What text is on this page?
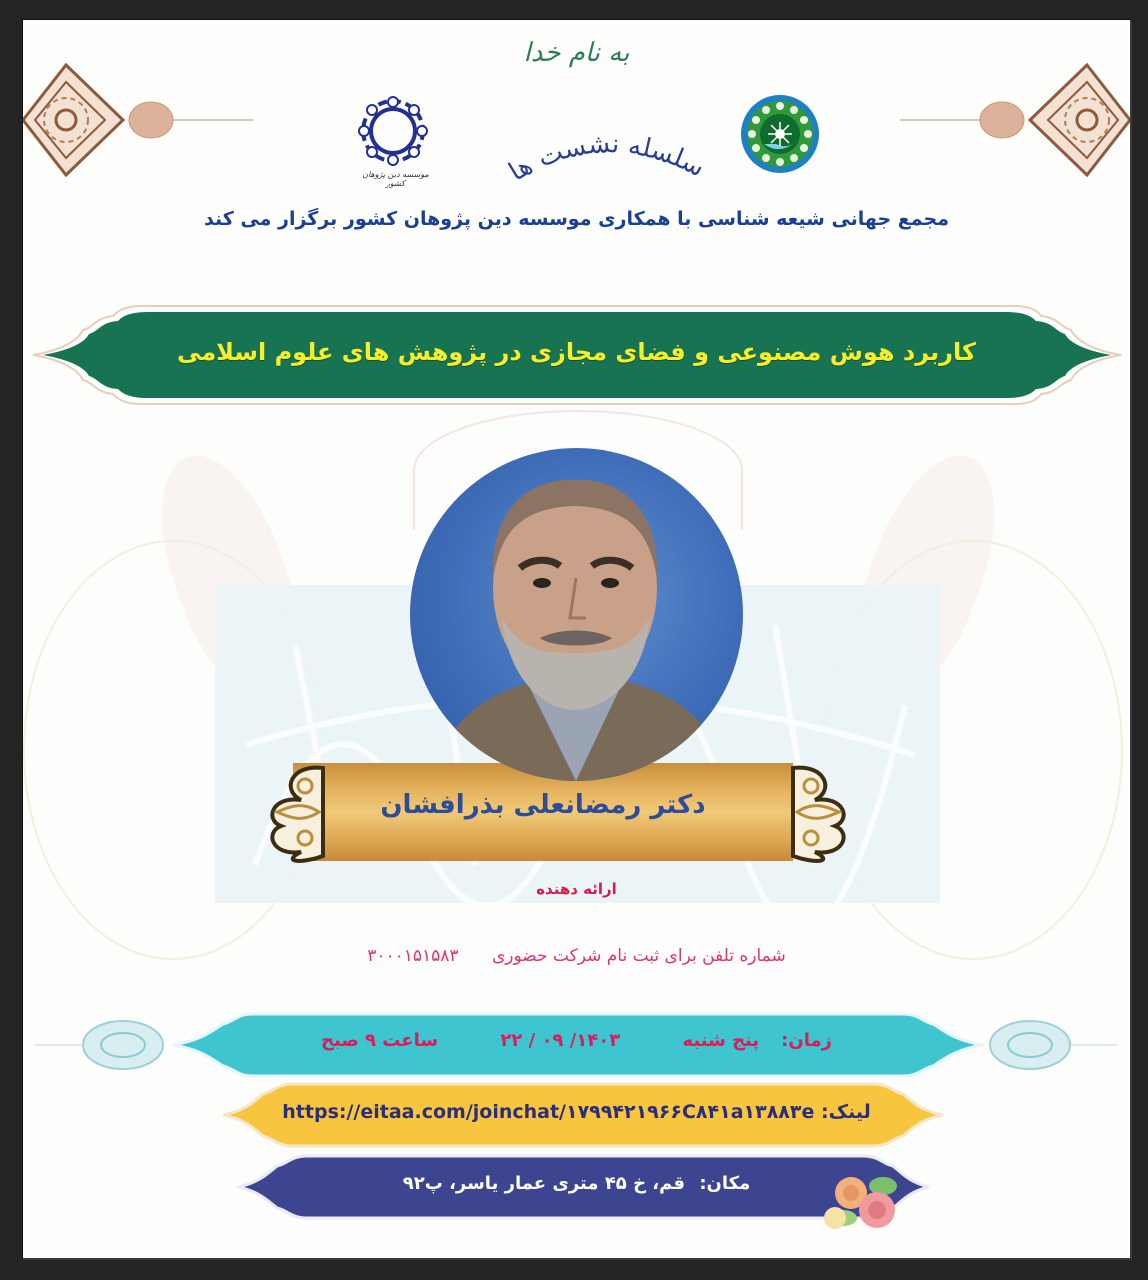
به نام خدا
موسسه دین پژوهان کشور	سلسله نشست ها
مجمع جهانی شیعه شناسی با همکاری موسسه دین پژوهان کشور برگزار می کند
کاربرد هوش مصنوعی و فضای مجازی در پژوهش های علوم اسلامی
دکتر رمضانعلی بذرافشان
ارائه دهنده
شماره تلفن برای ثبت نام شرکت حضوری ۳۰۰۰۱۵۱۵۸۳
زمان:پنج شنبه ۱۴۰۳/ ۰۹ / ۲۲ ساعت ۹ صبح
لینک: https://eitaa.com/joinchat/۱۷۹۹۴۲۱۹۶۶C۸۴۱a۱۳۸۸۳e
مکان: قم، خ ۴۵ متری عمار یاسر، پ۹۲
